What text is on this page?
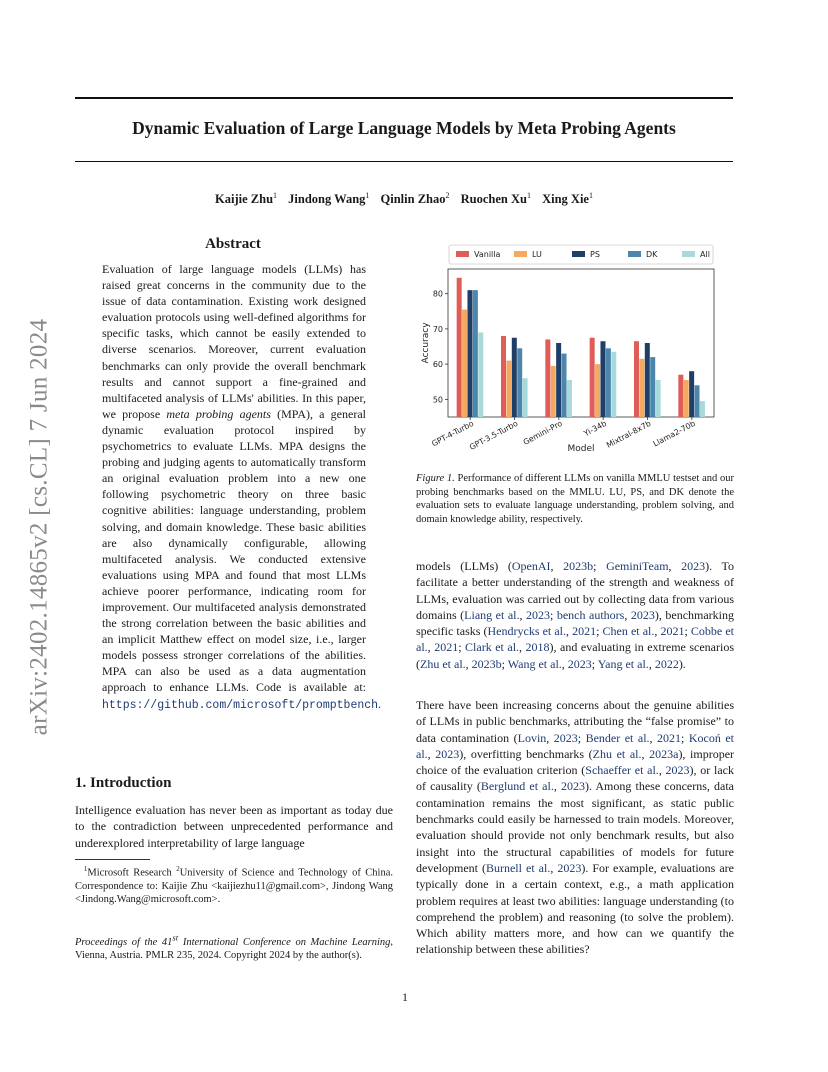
Dynamic Evaluation of Large Language Models by Meta Probing Agents
Kaijie Zhu$^1$ Jindong Wang$^1$ Qinlin Zhao$^2$ Ruochen Xu$^1$ Xing Xie$^1$
arXiv:2402.14865v2 [cs.CL] 7 Jun 2024
Abstract
Evaluation of large language models (LLMs) has raised great concerns in the community due to the issue of data contamination. Existing work designed evaluation protocols using well-defined algorithms for specific tasks, which cannot be easily extended to diverse scenarios. Moreover, current evaluation benchmarks can only provide the overall benchmark results and cannot support a fine-grained and multifaceted analysis of LLMs' abilities. In this paper, we propose meta probing agents (MPA), a general dynamic evaluation protocol inspired by psychometrics to evaluate LLMs. MPA designs the probing and judging agents to automatically transform an original evaluation problem into a new one following psychometric theory on three basic cognitive abilities: language understanding, problem solving, and domain knowledge. These basic abilities are also dynamically configurable, allowing multifaceted analysis. We conducted extensive evaluations using MPA and found that most LLMs achieve poorer performance, indicating room for improvement. Our multifaceted analysis demonstrated the strong correlation between the basic abilities and an implicit Matthew effect on model size, i.e., larger models possess stronger correlations of the abilities. MPA can also be used as a data augmentation approach to enhance LLMs. Code is available at: https://github.com/microsoft/promptbench.
1. Introduction
Intelligence evaluation has never been as important as today due to the contradiction between unprecedented performance and underexplored interpretability of large language
$^1$Microsoft Research $^2$University of Science and Technology of China. Correspondence to: Kaijie Zhu <kaijiezhu11@gmail.com>, Jindong Wang <Jindong.Wang@microsoft.com>.
Proceedings of the 41st International Conference on Machine Learning, Vienna, Austria. PMLR 235, 2024. Copyright 2024 by the author(s).
50
60
70
80
GPT-4-Turbo
GPT-3.5-Turbo Gemini-Pro Yi-34b
Mixtral-8x7b Llama2-70b
Accuracy
Model
Vanilla	LU	PS	DK	All
Figure 1. Performance of different LLMs on vanilla MMLU testset and our probing benchmarks based on the MMLU. LU, PS, and DK denote the evaluation sets to evaluate language understanding, problem solving, and domain knowledge ability, respectively.
models (LLMs) (OpenAI, 2023b; GeminiTeam, 2023). To facilitate a better understanding of the strength and weakness of LLMs, evaluation was carried out by collecting data from various domains (Liang et al., 2023; bench authors, 2023), benchmarking specific tasks (Hendrycks et al., 2021; Chen et al., 2021; Cobbe et al., 2021; Clark et al., 2018), and evaluating in extreme scenarios (Zhu et al., 2023b; Wang et al., 2023; Yang et al., 2022).
There have been increasing concerns about the genuine abilities of LLMs in public benchmarks, attributing the “false promise” to data contamination (Lovin, 2023; Bender et al., 2021; Kocoń et al., 2023), overfitting benchmarks (Zhu et al., 2023a), improper choice of the evaluation criterion (Schaeffer et al., 2023), or lack of causality (Berglund et al., 2023). Among these concerns, data contamination remains the most significant, as static public benchmarks could easily be harnessed to train models. Moreover, evaluation should provide not only benchmark results, but also insight into the structural capabilities of models for future development (Burnell et al., 2023). For example, evaluations are typically done in a certain context, e.g., a math application problem requires at least two abilities: language understanding (to comprehend the problem) and reasoning (to solve the problem). Which ability matters more, and how can we quantify the relationship between these abilities?
1
